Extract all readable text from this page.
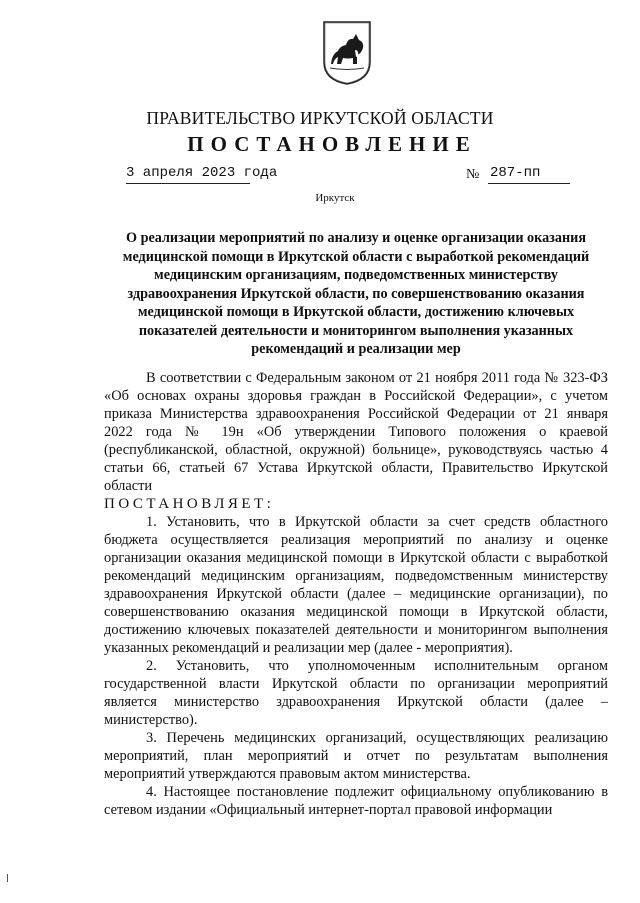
ПРАВИТЕЛЬСТВО ИРКУТСКОЙ ОБЛАСТИ
ПОСТАНОВЛЕНИЕ
3 апреля 2023 года	№ 287-пп
Иркутск
О реализации мероприятий по анализу и оценке организации оказания медицинской помощи в Иркутской области с выработкой рекомендаций медицинским организациям, подведомственных министерству здравоохранения Иркутской области, по совершенствованию оказания медицинской помощи в Иркутской области, достижению ключевых показателей деятельности и мониторингом выполнения указанных рекомендаций и реализации мер

В соответствии с Федеральным законом от 21 ноября 2011 года № 323-ФЗ «Об основах охраны здоровья граждан в Российской Федерации», с учетом приказа Министерства здравоохранения Российской Федерации от 21 января 2022 года № 19н «Об утверждении Типового положения о краевой (республиканской, областной, окружной) больнице», руководствуясь частью 4 статьи 66, статьей 67 Устава Иркутской области, Правительство Иркутской области

ПОСТАНОВЛЯЕТ:

1. Установить, что в Иркутской области за счет средств областного бюджета осуществляется реализация мероприятий по анализу и оценке организации оказания медицинской помощи в Иркутской области с выработкой рекомендаций медицинским организациям, подведомственным министерству здравоохранения Иркутской области (далее – медицинские организации), по совершенствованию оказания медицинской помощи в Иркутской области, достижению ключевых показателей деятельности и мониторингом выполнения указанных рекомендаций и реализации мер (далее - мероприятия).

2. Установить, что уполномоченным исполнительным органом государственной власти Иркутской области по организации мероприятий является министерство здравоохранения Иркутской области (далее – министерство).

3. Перечень медицинских организаций, осуществляющих реализацию мероприятий, план мероприятий и отчет по результатам выполнения мероприятий утверждаются правовым актом министерства.

4. Настоящее постановление подлежит официальному опубликованию в сетевом издании «Официальный интернет-портал правовой информации
